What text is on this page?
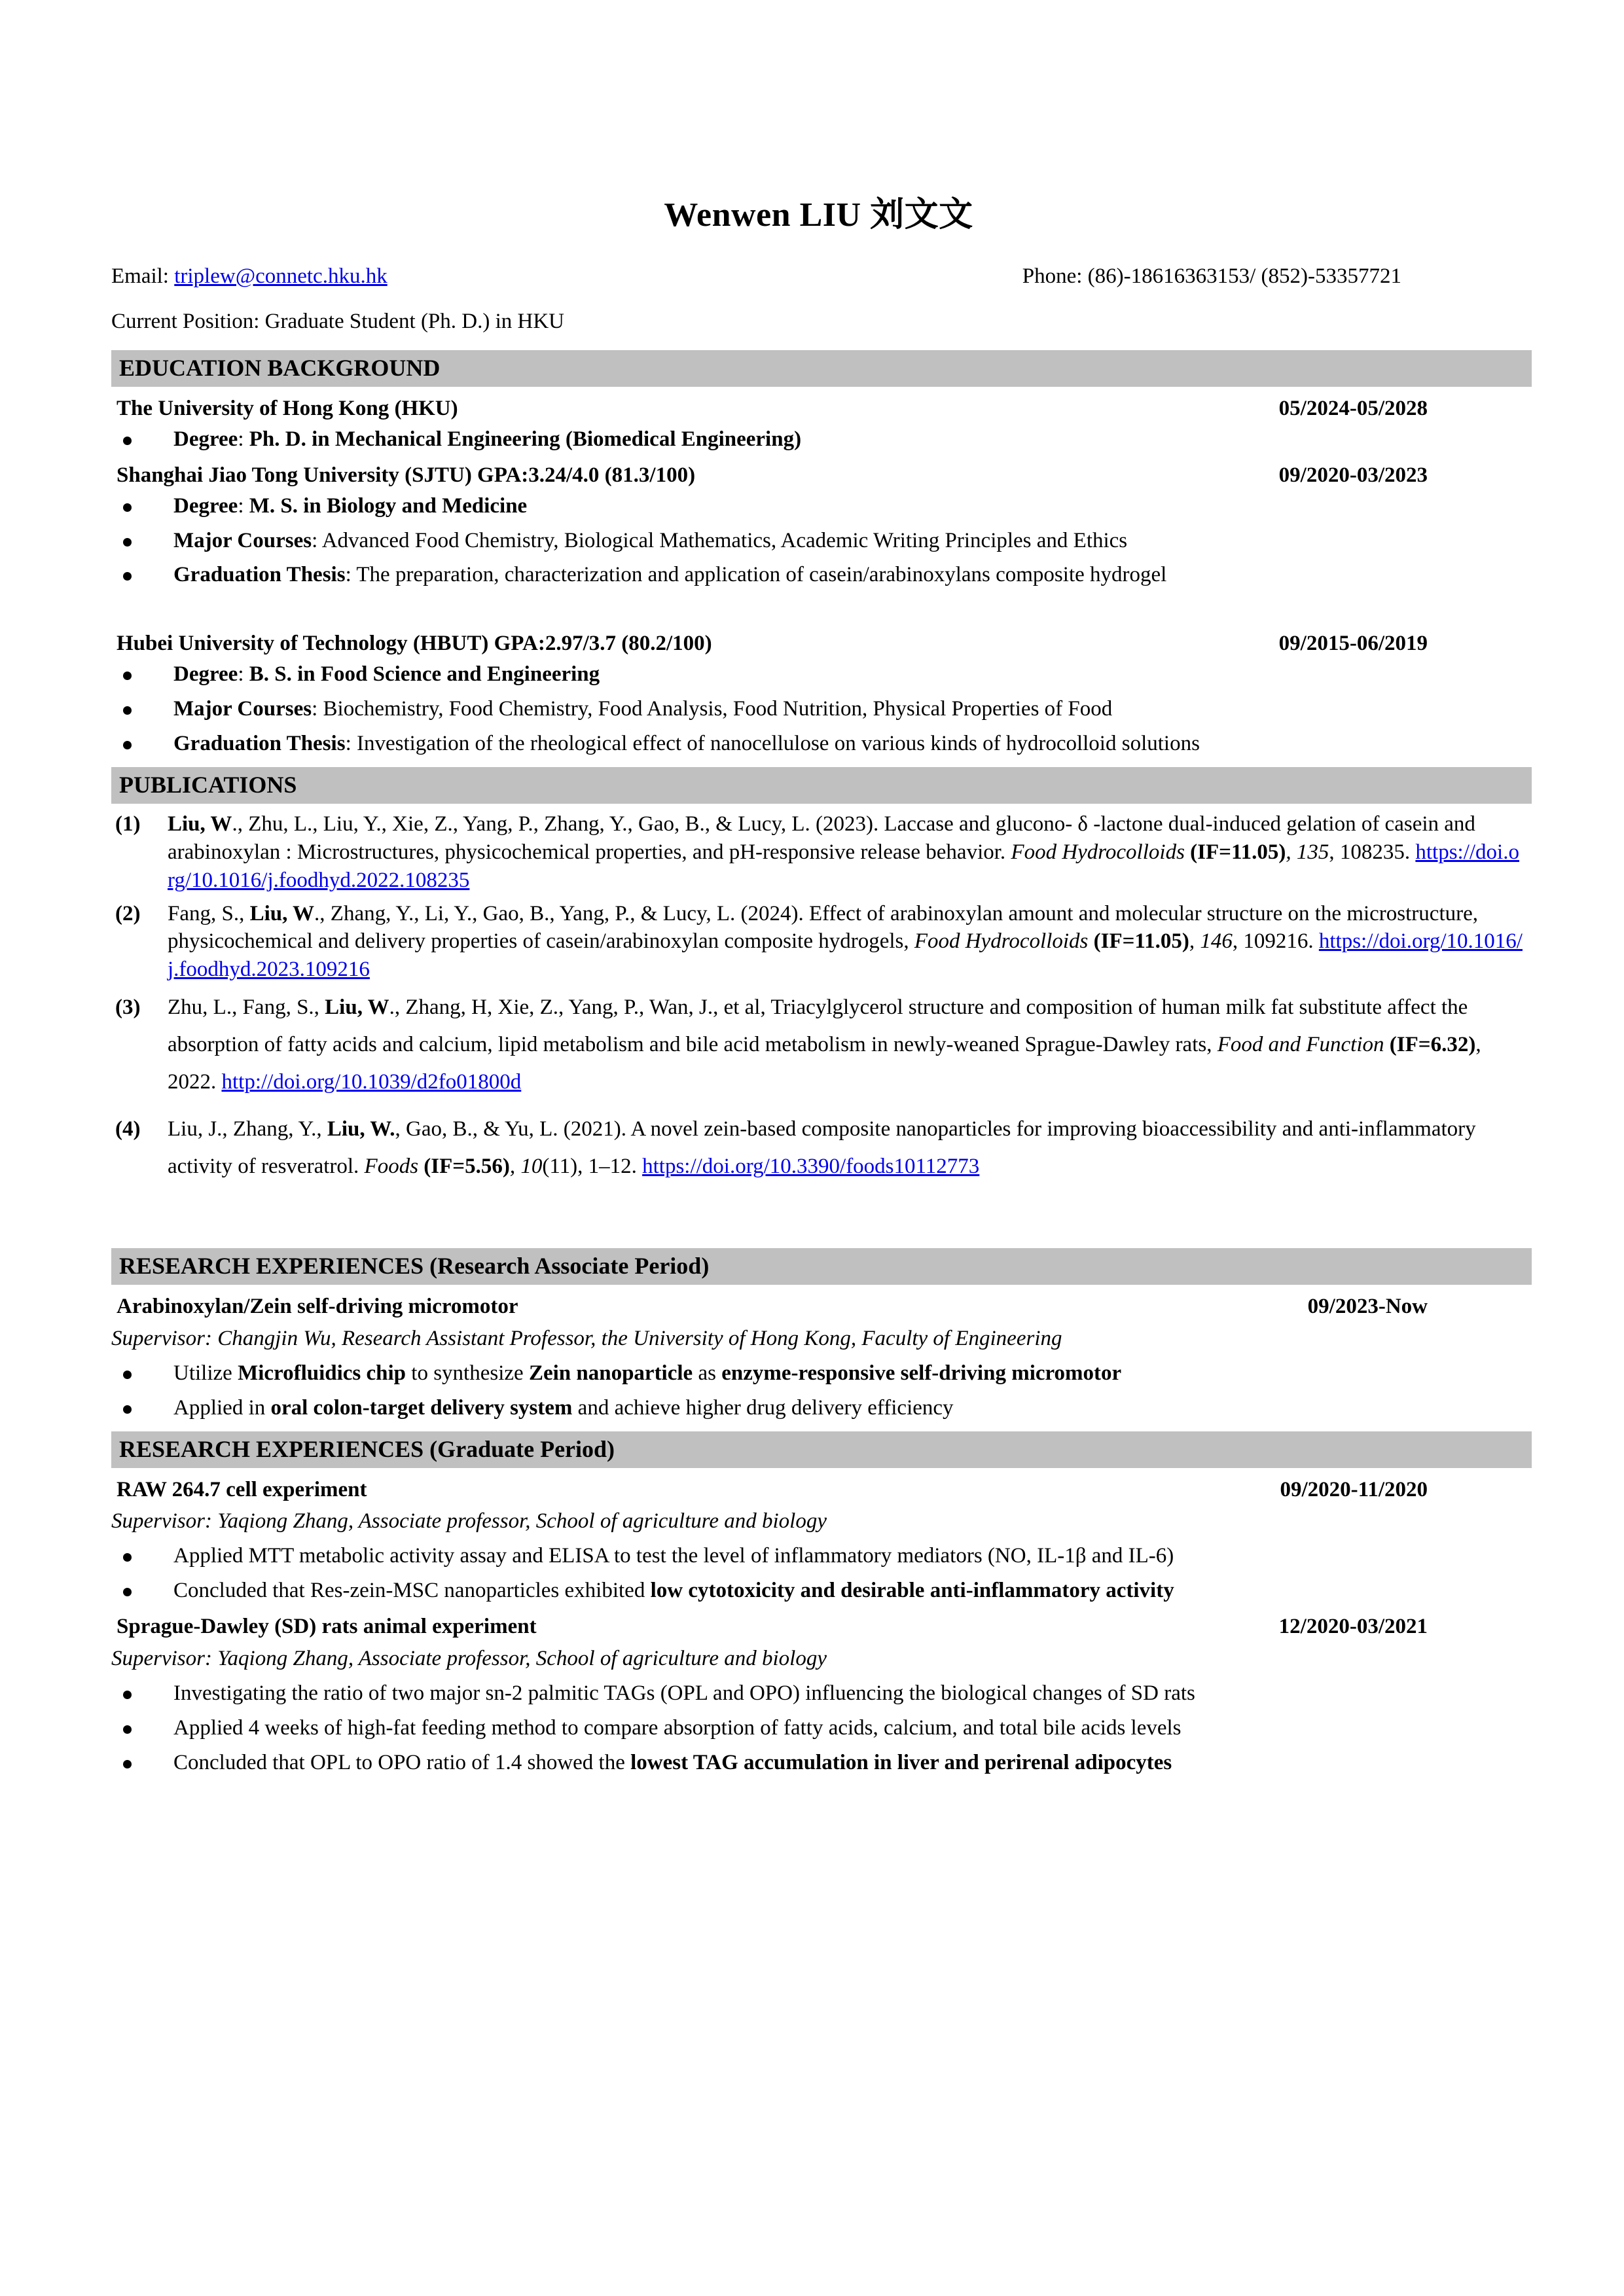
Wenwen LIU 刘文文
Email: triplew@connetc.hku.hk	Phone: (86)-18616363153/ (852)-53357721
Current Position: Graduate Student (Ph. D.) in HKU
EDUCATION BACKGROUND
The University of Hong Kong (HKU)	05/2024-05/2028
Degree: Ph. D. in Mechanical Engineering (Biomedical Engineering)
Shanghai Jiao Tong University (SJTU) GPA:3.24/4.0 (81.3/100)	09/2020-03/2023
Degree: M. S. in Biology and Medicine
Major Courses: Advanced Food Chemistry, Biological Mathematics, Academic Writing Principles and Ethics
Graduation Thesis: The preparation, characterization and application of casein/arabinoxylans composite hydrogel
Hubei University of Technology (HBUT) GPA:2.97/3.7 (80.2/100)	09/2015-06/2019
Degree: B. S. in Food Science and Engineering
Major Courses: Biochemistry, Food Chemistry, Food Analysis, Food Nutrition, Physical Properties of Food
Graduation Thesis: Investigation of the rheological effect of nanocellulose on various kinds of hydrocolloid solutions
PUBLICATIONS
(1) Liu, W., Zhu, L., Liu, Y., Xie, Z., Yang, P., Zhang, Y., Gao, B., & Lucy, L. (2023). Laccase and glucono- δ -lactone dual-induced gelation of casein and arabinoxylan : Microstructures, physicochemical properties, and pH-responsive release behavior. Food Hydrocolloids (IF=11.05), 135, 108235. https://doi.org/10.1016/j.foodhyd.2022.108235
(2) Fang, S., Liu, W., Zhang, Y., Li, Y., Gao, B., Yang, P., & Lucy, L. (2024). Effect of arabinoxylan amount and molecular structure on the microstructure, physicochemical and delivery properties of casein/arabinoxylan composite hydrogels, Food Hydrocolloids (IF=11.05), 146, 109216. https://doi.org/10.1016/j.foodhyd.2023.109216
(3) Zhu, L., Fang, S., Liu, W., Zhang, H, Xie, Z., Yang, P., Wan, J., et al, Triacylglycerol structure and composition of human milk fat substitute affect the absorption of fatty acids and calcium, lipid metabolism and bile acid metabolism in newly-weaned Sprague-Dawley rats, Food and Function (IF=6.32), 2022. http://doi.org/10.1039/d2fo01800d
(4) Liu, J., Zhang, Y., Liu, W., Gao, B., & Yu, L. (2021). A novel zein-based composite nanoparticles for improving bioaccessibility and anti-inflammatory activity of resveratrol. Foods (IF=5.56), 10(11), 1–12. https://doi.org/10.3390/foods10112773
RESEARCH EXPERIENCES (Research Associate Period)
Arabinoxylan/Zein self-driving micromotor	09/2023-Now
Supervisor: Changjin Wu, Research Assistant Professor, the University of Hong Kong, Faculty of Engineering
Utilize Microfluidics chip to synthesize Zein nanoparticle as enzyme-responsive self-driving micromotor
Applied in oral colon-target delivery system and achieve higher drug delivery efficiency
RESEARCH EXPERIENCES (Graduate Period)
RAW 264.7 cell experiment	09/2020-11/2020
Supervisor: Yaqiong Zhang, Associate professor, School of agriculture and biology
Applied MTT metabolic activity assay and ELISA to test the level of inflammatory mediators (NO, IL-1β and IL-6)
Concluded that Res-zein-MSC nanoparticles exhibited low cytotoxicity and desirable anti-inflammatory activity
Sprague-Dawley (SD) rats animal experiment	12/2020-03/2021
Supervisor: Yaqiong Zhang, Associate professor, School of agriculture and biology
Investigating the ratio of two major sn-2 palmitic TAGs (OPL and OPO) influencing the biological changes of SD rats
Applied 4 weeks of high-fat feeding method to compare absorption of fatty acids, calcium, and total bile acids levels
Concluded that OPL to OPO ratio of 1.4 showed the lowest TAG accumulation in liver and perirenal adipocytes
